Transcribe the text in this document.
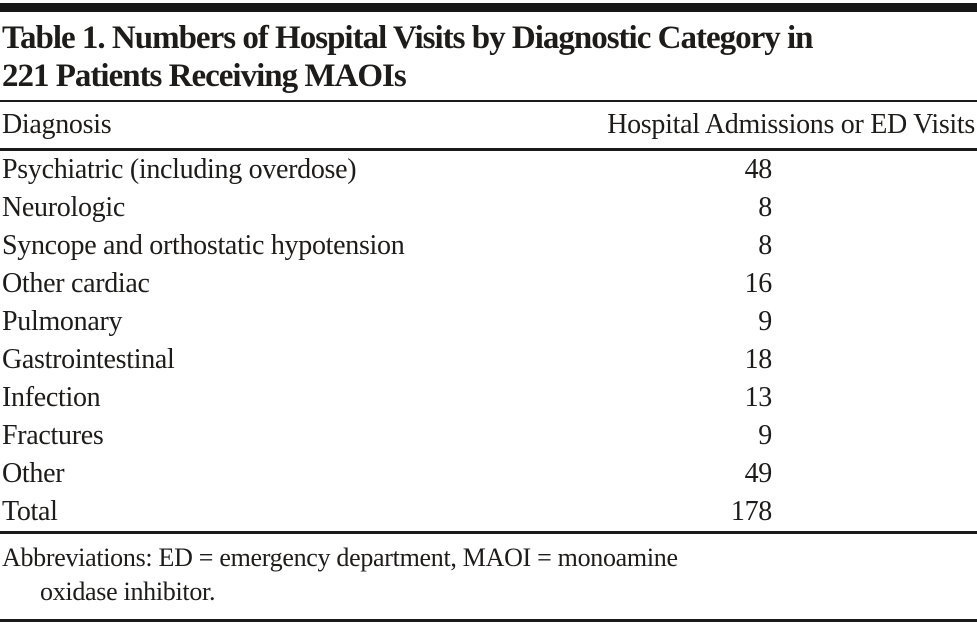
Table 1. Numbers of Hospital Visits by Diagnostic Category in
221 Patients Receiving MAOIs
Diagnosis	Hospital Admissions or ED Visits
Psychiatric (including overdose)	48
Neurologic	8
Syncope and orthostatic hypotension	8
Other cardiac	16
Pulmonary	9
Gastrointestinal	18
Infection	13
Fractures	9
Other	49
Total	178
Abbreviations: ED = emergency department, MAOI = monoamine
oxidase inhibitor.
